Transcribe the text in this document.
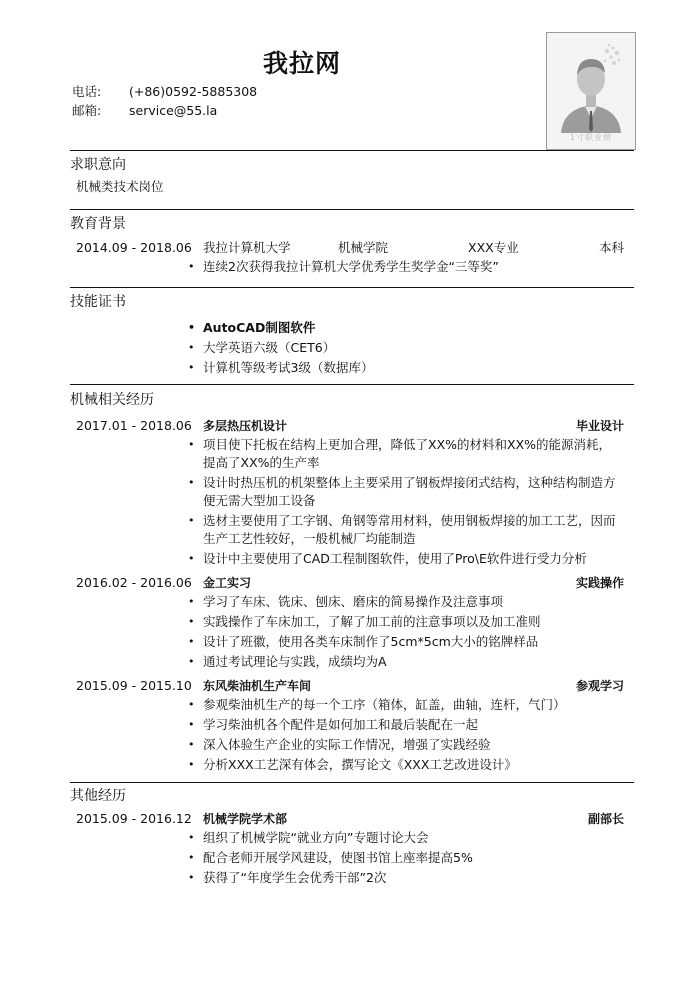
我拉网
电话: (+86)0592-5885308
邮箱: service@55.la
1寸职业照
求职意向
机械类技术岗位
教育背景
2014.09 - 2018.06 我拉计算机大学	机械学院	XXX专业	本科
• 连续2次获得我拉计算机大学优秀学生奖学金“三等奖”
技能证书
• AutoCAD制图软件
• 大学英语六级（CET6）
• 计算机等级考试3级（数据库）
机械相关经历
2017.01 - 2018.06 多层热压机设计	毕业设计
• 项目使下托板在结构上更加合理，降低了XX%的材料和XX%的能源消耗，提高了XX%的生产率
• 设计时热压机的机架整体上主要采用了钢板焊接闭式结构，这种结构制造方便无需大型加工设备
• 选材主要使用了工字钢、角钢等常用材料，使用钢板焊接的加工工艺，因而生产工艺性较好，一般机械厂均能制造
• 设计中主要使用了CAD工程制图软件，使用了Pro\E软件进行受力分析
2016.02 - 2016.06 金工实习	实践操作
• 学习了车床、铣床、刨床、磨床的简易操作及注意事项
• 实践操作了车床加工，了解了加工前的注意事项以及加工准则
• 设计了班徽，使用各类车床制作了5cm*5cm大小的铭牌样品
• 通过考试理论与实践，成绩均为A
2015.09 - 2015.10 东风柴油机生产车间	参观学习
• 参观柴油机生产的每一个工序（箱体，缸盖，曲轴，连杆，气门）
• 学习柴油机各个配件是如何加工和最后装配在一起
• 深入体验生产企业的实际工作情况，增强了实践经验
• 分析XXX工艺深有体会，撰写论文《XXX工艺改进设计》
其他经历
2015.09 - 2016.12 机械学院学术部	副部长
• 组织了机械学院“就业方向”专题讨论大会
• 配合老师开展学风建设，使图书馆上座率提高5%
• 获得了“年度学生会优秀干部”2次
